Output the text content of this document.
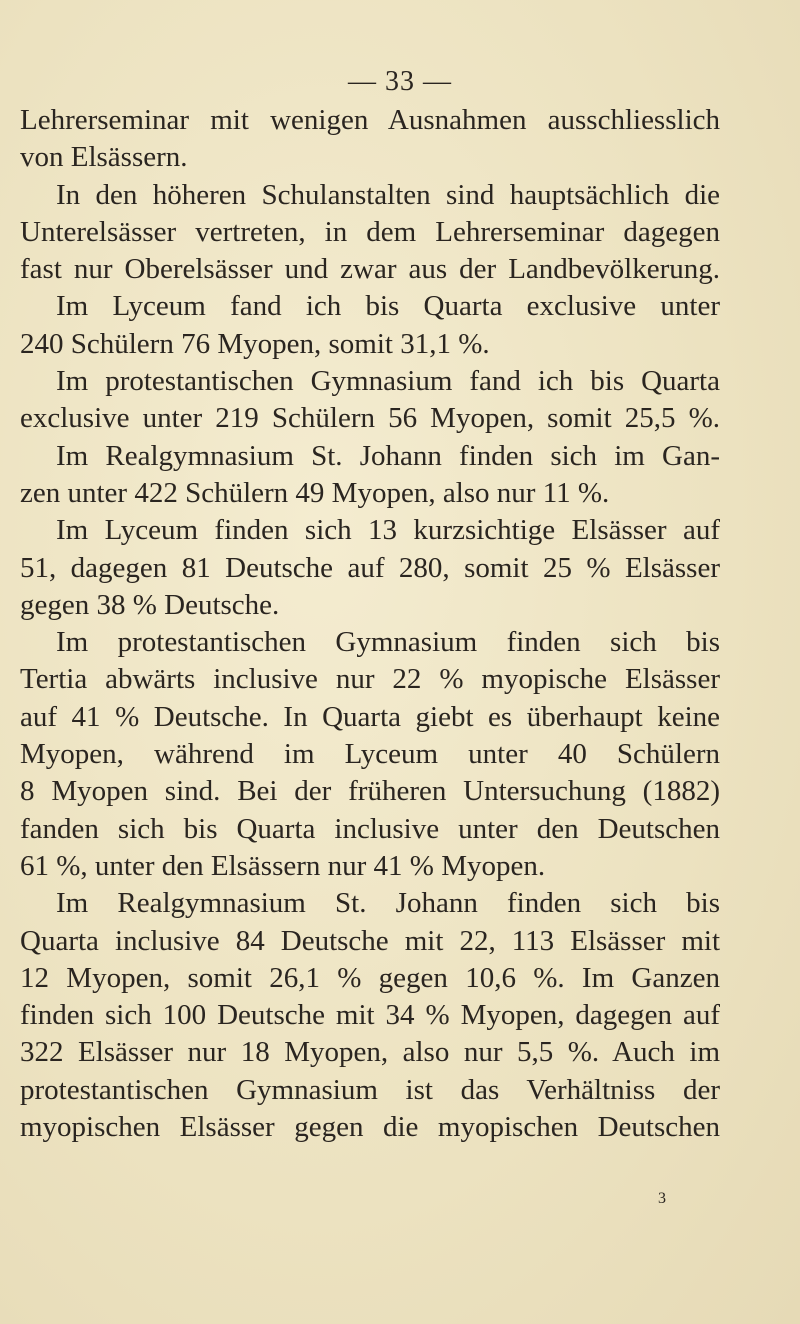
— 33 —
Lehrerseminar mit wenigen Ausnahmen ausschliesslich
von Elsässern.
In den höheren Schulanstalten sind hauptsächlich die
Unterelsässer vertreten, in dem Lehrerseminar dagegen
fast nur Oberelsässer und zwar aus der Landbevölkerung.
Im Lyceum fand ich bis Quarta exclusive unter
240 Schülern 76 Myopen, somit 31,1 %.
Im protestantischen Gymnasium fand ich bis Quarta
exclusive unter 219 Schülern 56 Myopen, somit 25,5 %.
Im Realgymnasium St. Johann finden sich im Gan-
zen unter 422 Schülern 49 Myopen, also nur 11 %.
Im Lyceum finden sich 13 kurzsichtige Elsässer auf
51, dagegen 81 Deutsche auf 280, somit 25 % Elsässer
gegen 38 % Deutsche.
Im protestantischen Gymnasium finden sich bis
Tertia abwärts inclusive nur 22 % myopische Elsässer
auf 41 % Deutsche. In Quarta giebt es überhaupt keine
Myopen, während im Lyceum unter 40 Schülern
8 Myopen sind. Bei der früheren Untersuchung (1882)
fanden sich bis Quarta inclusive unter den Deutschen
61 %, unter den Elsässern nur 41 % Myopen.
Im Realgymnasium St. Johann finden sich bis
Quarta inclusive 84 Deutsche mit 22, 113 Elsässer mit
12 Myopen, somit 26,1 % gegen 10,6 %. Im Ganzen
finden sich 100 Deutsche mit 34 % Myopen, dagegen auf
322 Elsässer nur 18 Myopen, also nur 5,5 %. Auch im
protestantischen Gymnasium ist das Verhältniss der
myopischen Elsässer gegen die myopischen Deutschen
3
